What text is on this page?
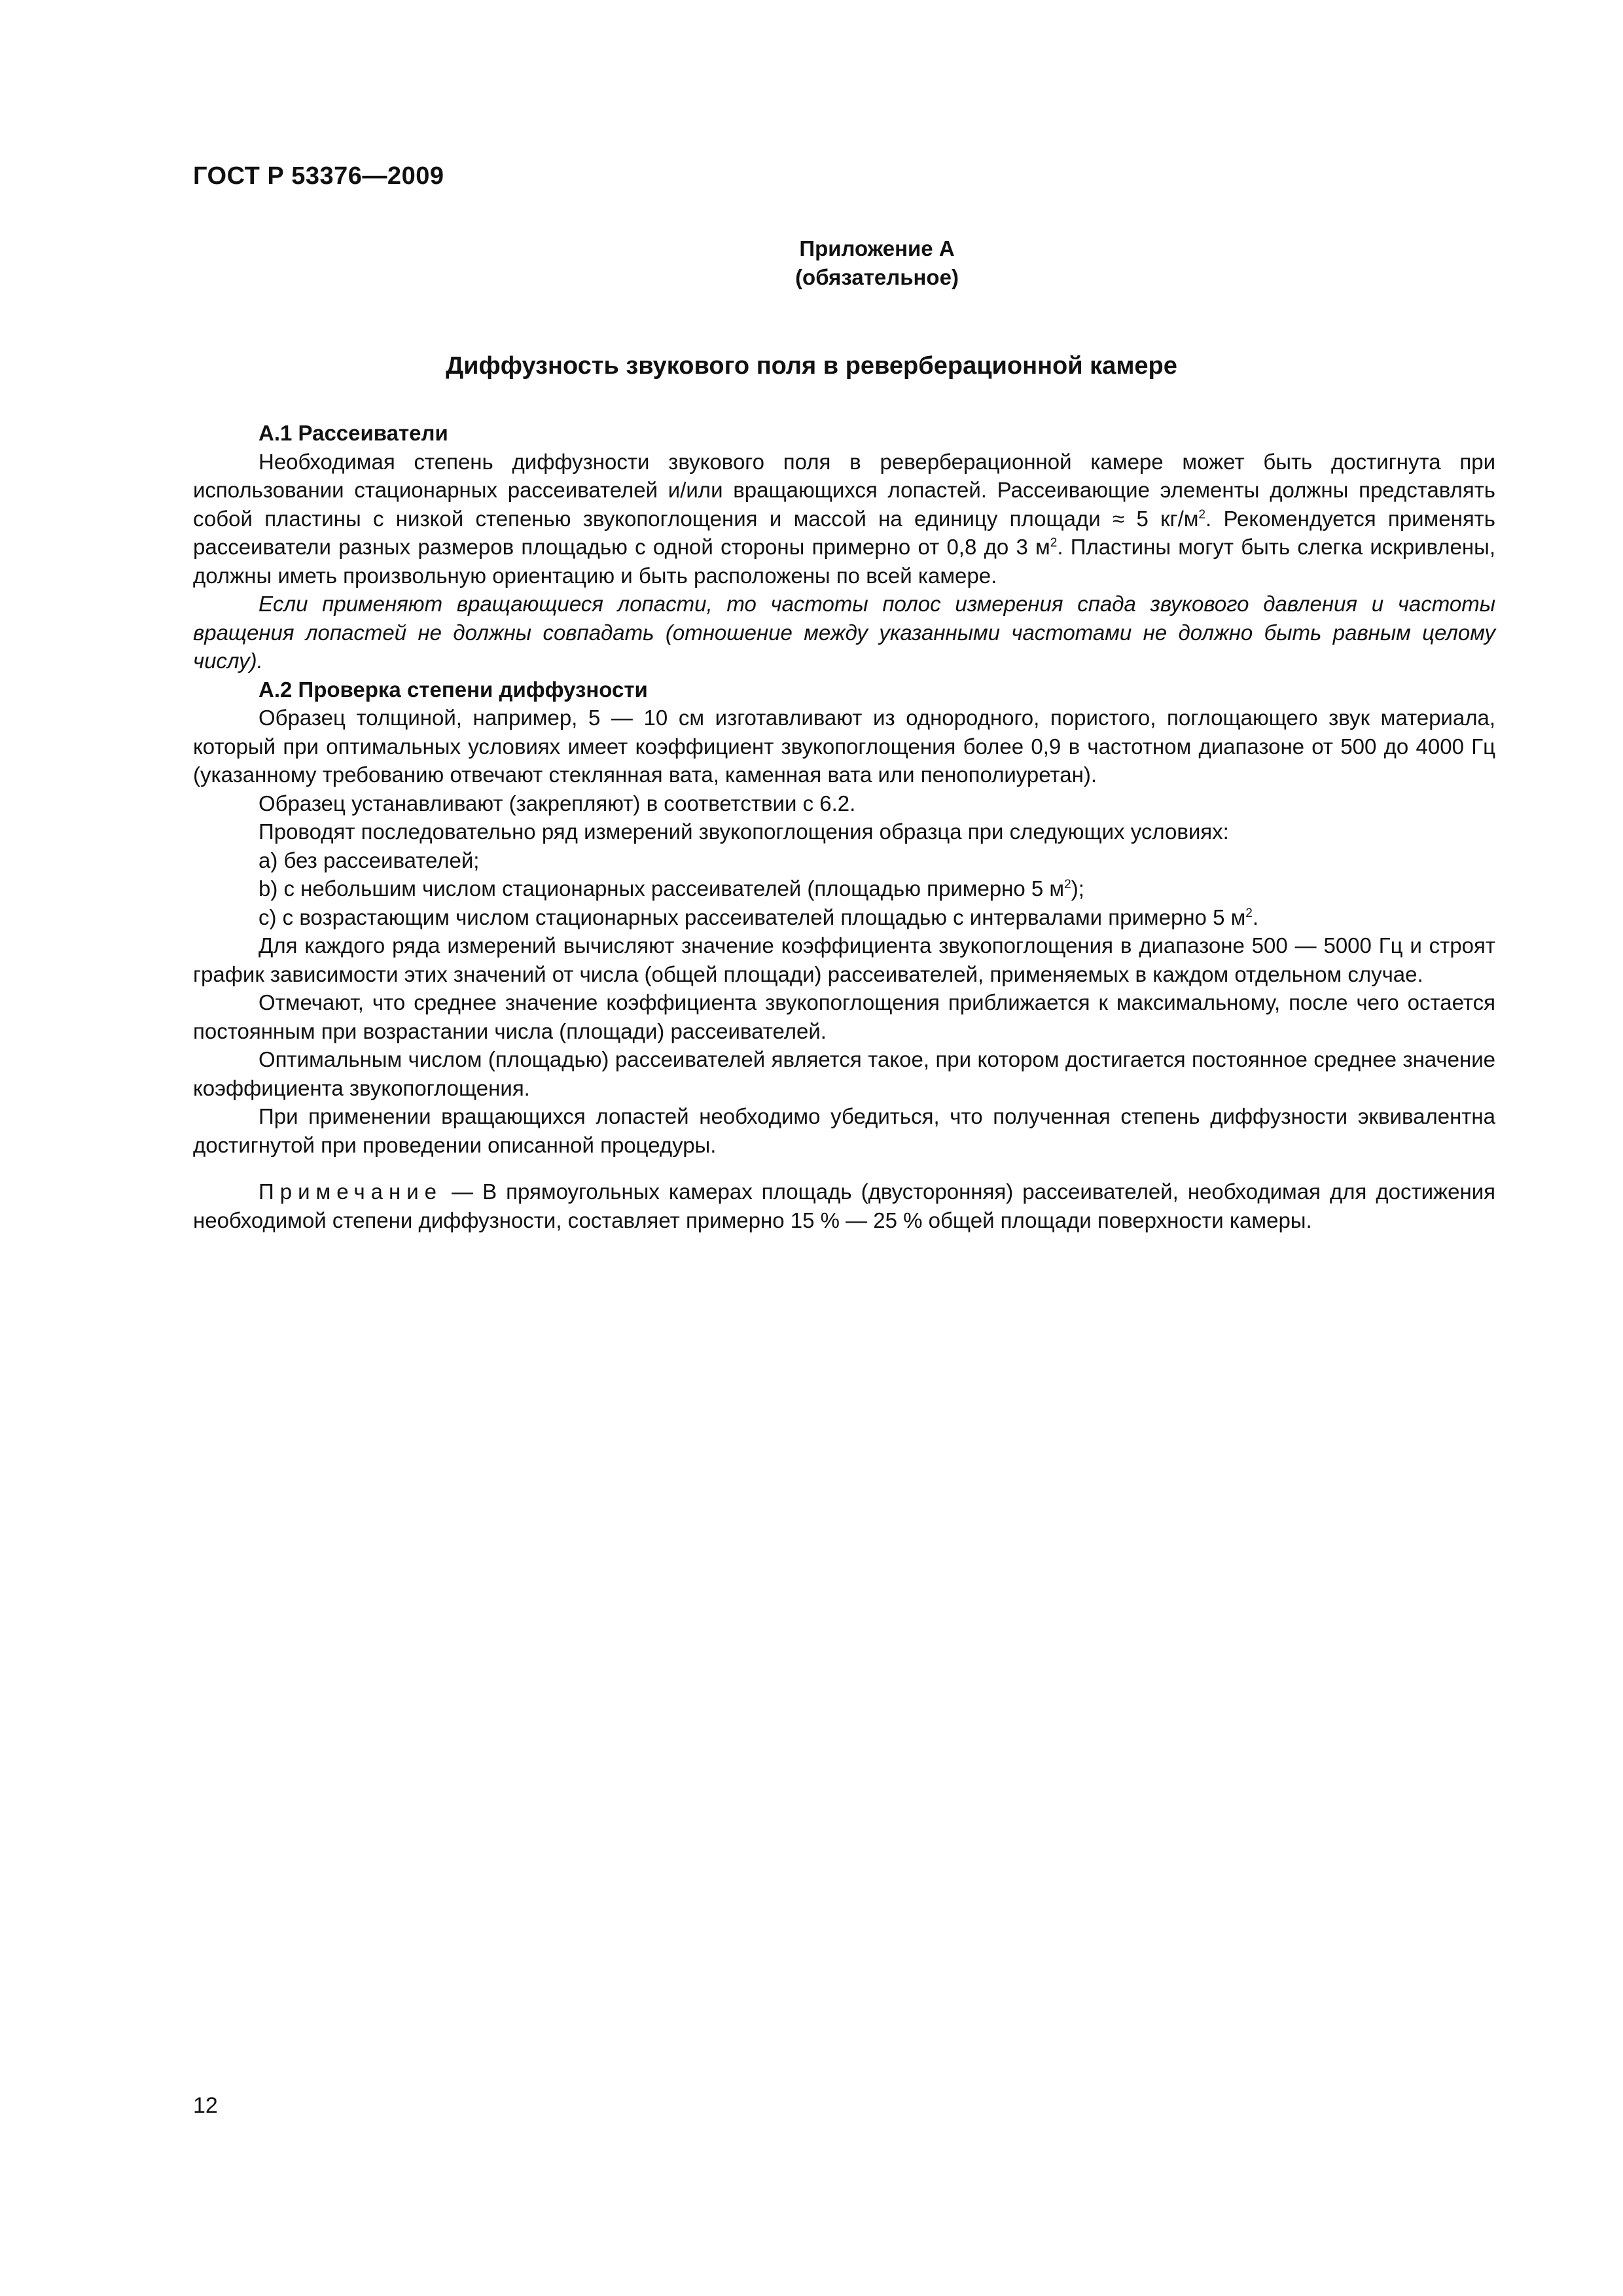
ГОСТ Р 53376—2009
Приложение А
(обязательное)
Диффузность звукового поля в реверберационной камере

А.1 Рассеиватели

Необходимая степень диффузности звукового поля в реверберационной камере может быть достигнута при использовании стационарных рассеивателей и/или вращающихся лопастей. Рассеивающие элементы должны представлять собой пластины с низкой степенью звукопоглощения и массой на единицу площади ≈ 5 $кг/м^2$. Рекомендуется применять рассеиватели разных размеров площадью с одной стороны примерно от 0,8 до 3 $м^2$. Пластины могут быть слегка искривлены, должны иметь произвольную ориентацию и быть расположены по всей камере.

Если применяют вращающиеся лопасти, то частоты полос измерения спада звукового давления и частоты вращения лопастей не должны совпадать (отношение между указанными частотами не должно быть равным целому числу).

А.2 Проверка степени диффузности

Образец толщиной, например, 5 — 10 см изготавливают из однородного, пористого, поглощающего звук материала, который при оптимальных условиях имеет коэффициент звукопоглощения более 0,9 в частотном диапазоне от 500 до 4000 Гц (указанному требованию отвечают стеклянная вата, каменная вата или пенополиуретан).

Образец устанавливают (закрепляют) в соответствии с 6.2.

Проводят последовательно ряд измерений звукопоглощения образца при следующих условиях:

a) без рассеивателей;

b) с небольшим числом стационарных рассеивателей (площадью примерно 5 $м^2$);

c) с возрастающим числом стационарных рассеивателей площадью с интервалами примерно 5 $м^2$.

Для каждого ряда измерений вычисляют значение коэффициента звукопоглощения в диапазоне 500 — 5000 Гц и строят график зависимости этих значений от числа (общей площади) рассеивателей, применяемых в каждом отдельном случае.

Отмечают, что среднее значение коэффициента звукопоглощения приближается к максимальному, после чего остается постоянным при возрастании числа (площади) рассеивателей.

Оптимальным числом (площадью) рассеивателей является такое, при котором достигается постоянное среднее значение коэффициента звукопоглощения.

При применении вращающихся лопастей необходимо убедиться, что полученная степень диффузности эквивалентна достигнутой при проведении описанной процедуры.

Примечание — В прямоугольных камерах площадь (двусторонняя) рассеивателей, необходимая для достижения необходимой степени диффузности, составляет примерно 15 % — 25 % общей площади поверхности камеры.

12
